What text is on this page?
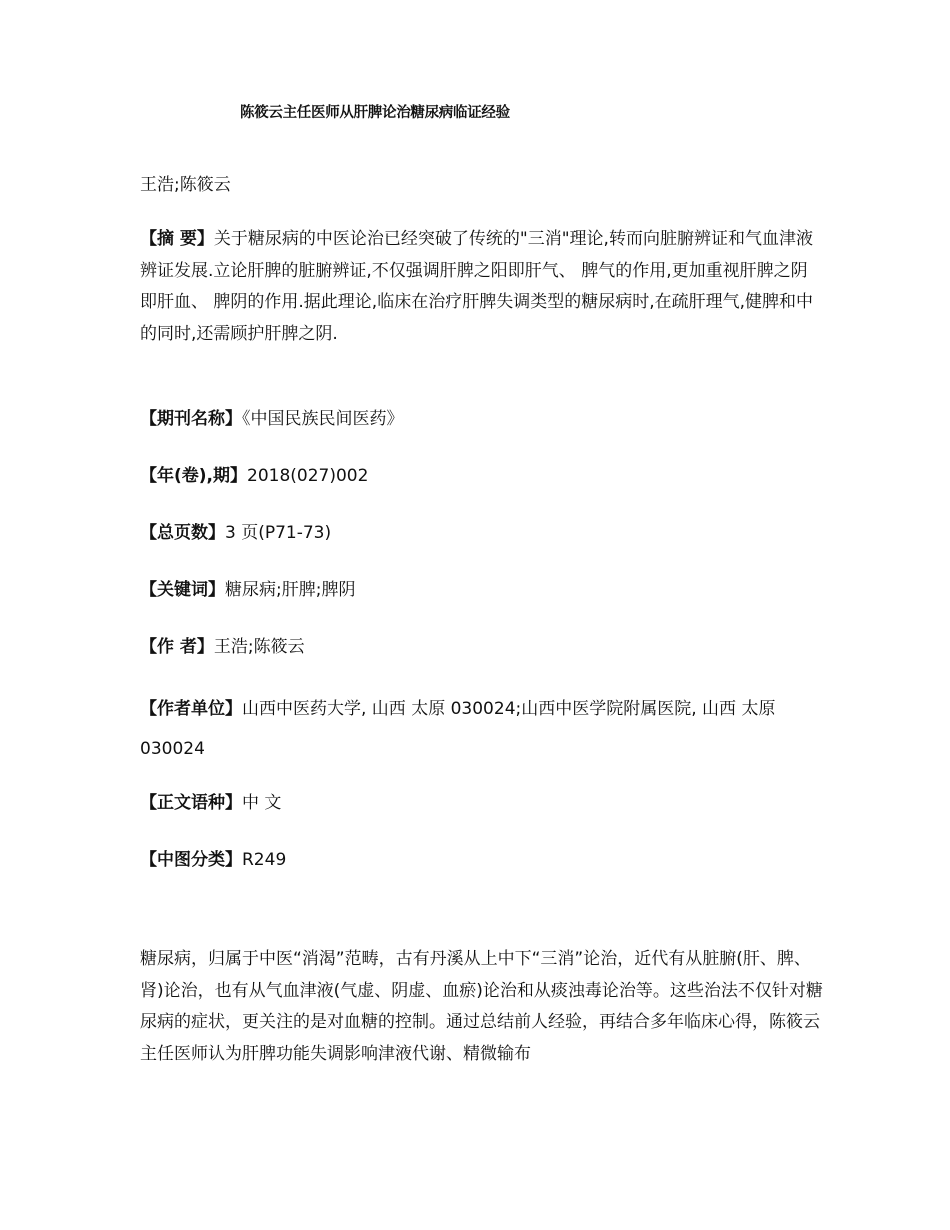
陈筱云主任医师从肝脾论治糖尿病临证经验
王浩;陈筱云
【摘 要】关于糖尿病的中医论治已经突破了传统的"三消"理论,转而向脏腑辨证和气血津液辨证发展.立论肝脾的脏腑辨证,不仅强调肝脾之阳即肝气、 脾气的作用,更加重视肝脾之阴即肝血、 脾阴的作用.据此理论,临床在治疗肝脾失调类型的糖尿病时,在疏肝理气,健脾和中的同时,还需顾护肝脾之阴.
【期刊名称】《中国民族民间医药》
【年(卷),期】2018(027)002
【总页数】3 页(P71-73)
【关键词】糖尿病;肝脾;脾阴
【作 者】王浩;陈筱云
【作者单位】山西中医药大学, 山西 太原 030024;山西中医学院附属医院, 山西 太原 030024
【正文语种】中 文
【中图分类】R249
糖尿病，归属于中医“消渴”范畴，古有丹溪从上中下“三消”论治，近代有从脏腑(肝、脾、肾)论治，也有从气血津液(气虚、阴虚、血瘀)论治和从痰浊毒论治等。这些治法不仅针对糖尿病的症状，更关注的是对血糖的控制。通过总结前人经验，再结合多年临床心得，陈筱云主任医师认为肝脾功能失调影响津液代谢、精微输布
